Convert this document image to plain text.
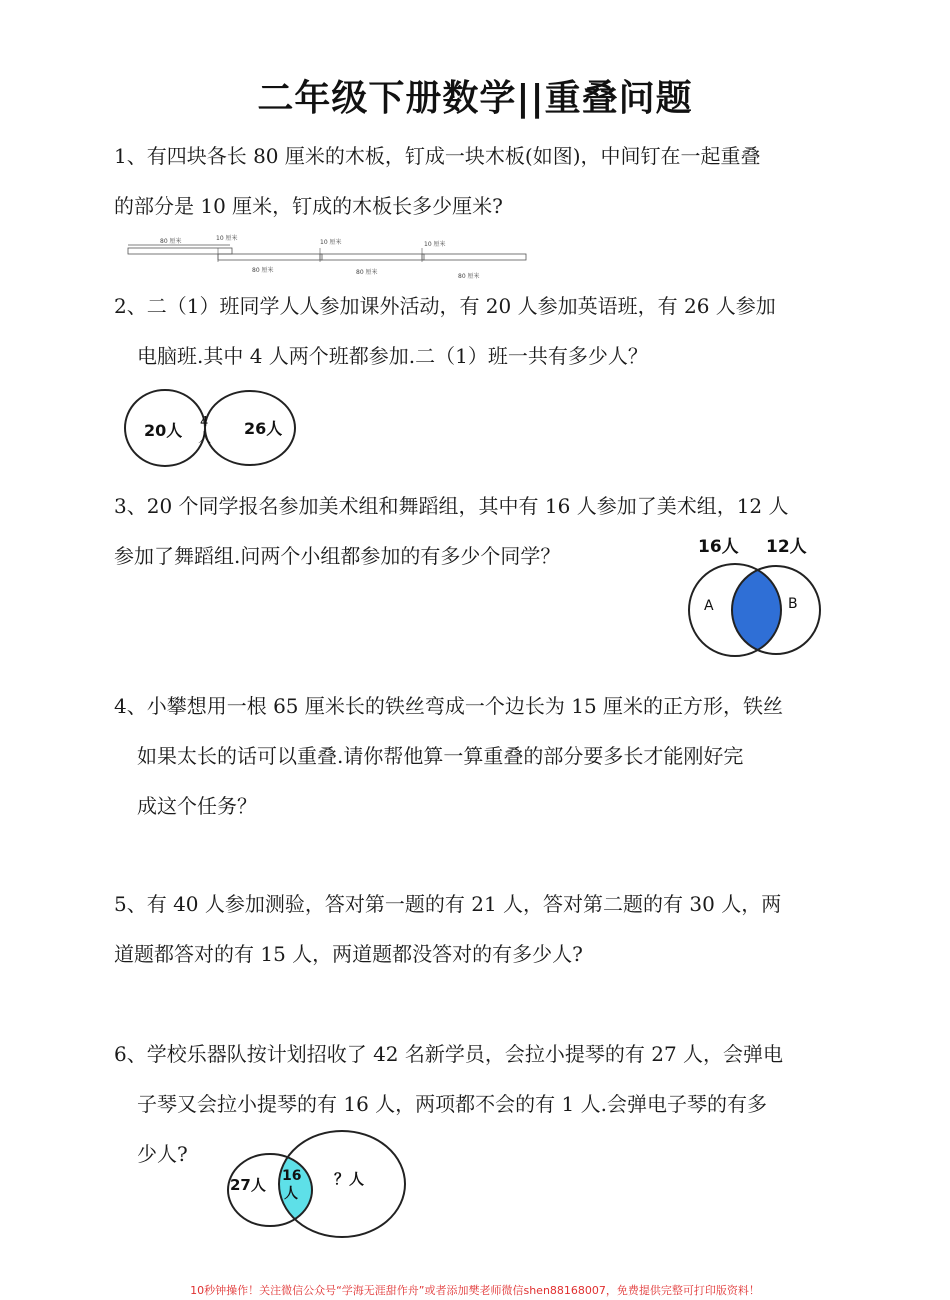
二年级下册数学||重叠问题
1、有四块各长 80 厘米的木板，钉成一块木板(如图)，中间钉在一起重叠
的部分是 10 厘米，钉成的木板长多少厘米?
80 厘米	10 厘米
10 厘米	10 厘米
80 厘米	80 厘米
80 厘米
2、二（1）班同学人人参加课外活动，有 20 人参加英语班，有 26 人参加
电脑班.其中 4 人两个班都参加.二（1）班一共有多少人？
20人 4
人
26人
3、20 个同学报名参加美术组和舞蹈组，其中有 16 人参加了美术组，12 人
参加了舞蹈组.问两个小组都参加的有多少个同学？	16人 12人
A	B
4、小攀想用一根 65 厘米长的铁丝弯成一个边长为 15 厘米的正方形，铁丝
如果太长的话可以重叠.请你帮他算一算重叠的部分要多长才能刚好完
成这个任务？
5、有 40 人参加测验，答对第一题的有 21 人，答对第二题的有 30 人，两
道题都答对的有 15 人，两道题都没答对的有多少人?
6、学校乐器队按计划招收了 42 名新学员，会拉小提琴的有 27 人，会弹电
子琴又会拉小提琴的有 16 人，两项都不会的有 1 人.会弹电子琴的有多
少人?
27人 16
人
？人
10秒钟操作！关注微信公众号“学海无涯甜作舟”或者添加樊老师微信shen88168007，免费提供完整可打印版资料！
